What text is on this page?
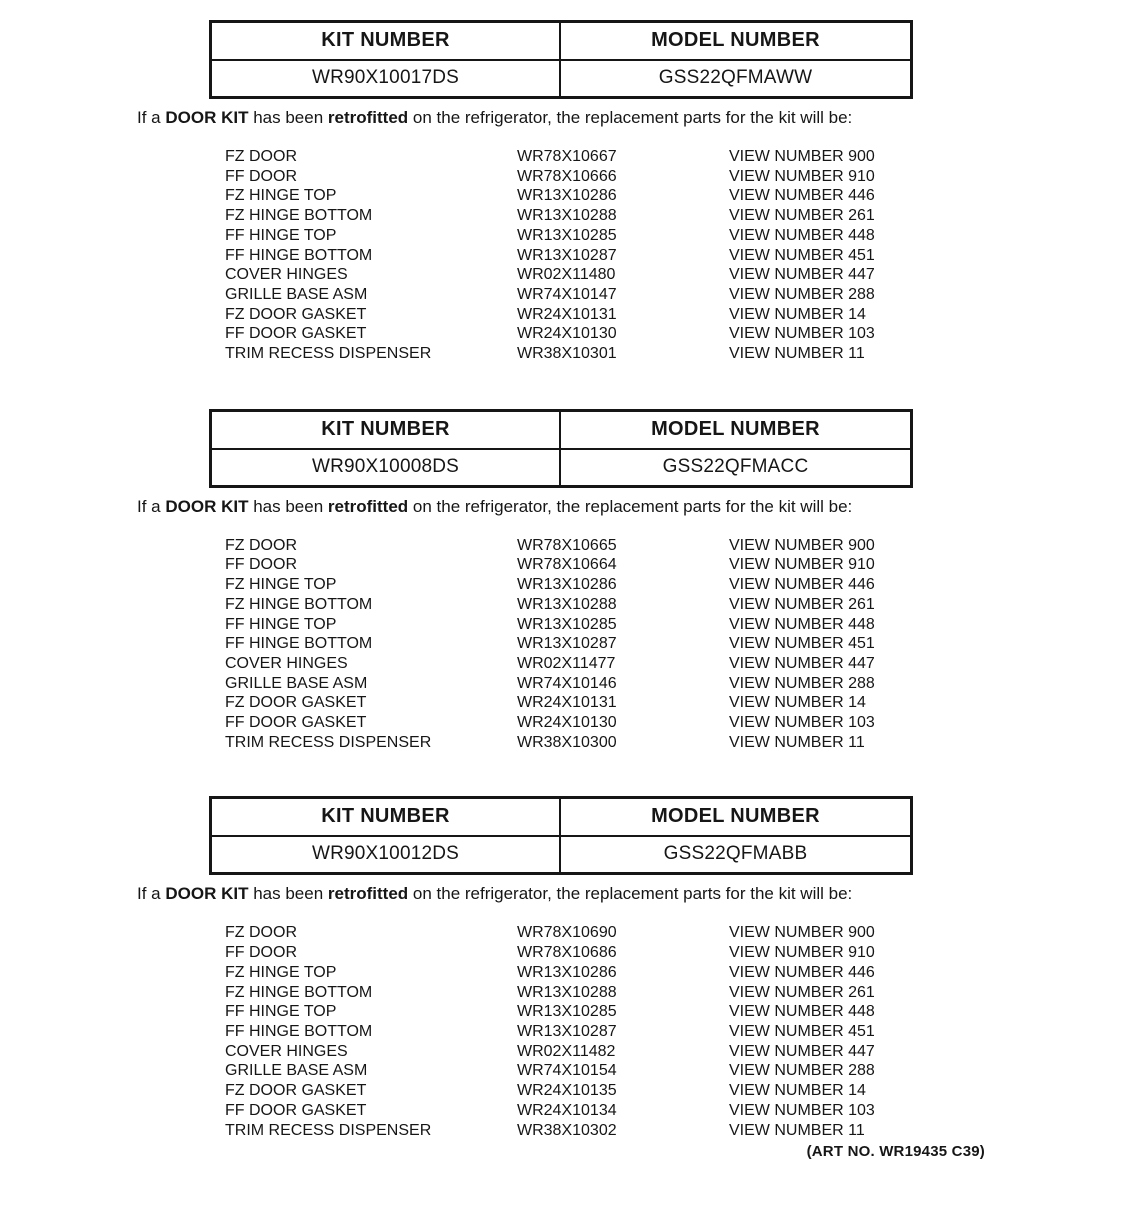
KIT NUMBER	MODEL NUMBER
WR90X10017DS	GSS22QFMAWW

If a DOOR KIT has been retrofitted on the refrigerator, the replacement parts for the kit will be:

FZ DOOR	WR78X10667	VIEW NUMBER 900
FF DOOR	WR78X10666	VIEW NUMBER 910
FZ HINGE TOP	WR13X10286	VIEW NUMBER 446
FZ HINGE BOTTOM	WR13X10288	VIEW NUMBER 261
FF HINGE TOP	WR13X10285	VIEW NUMBER 448
FF HINGE BOTTOM	WR13X10287	VIEW NUMBER 451
COVER HINGES	WR02X11480	VIEW NUMBER 447
GRILLE BASE ASM	WR74X10147	VIEW NUMBER 288
FZ DOOR GASKET	WR24X10131	VIEW NUMBER 14
FF DOOR GASKET	WR24X10130	VIEW NUMBER 103
TRIM RECESS DISPENSER	WR38X10301	VIEW NUMBER 11
KIT NUMBER	MODEL NUMBER
WR90X10008DS	GSS22QFMACC

If a DOOR KIT has been retrofitted on the refrigerator, the replacement parts for the kit will be:

FZ DOOR	WR78X10665	VIEW NUMBER 900
FF DOOR	WR78X10664	VIEW NUMBER 910
FZ HINGE TOP	WR13X10286	VIEW NUMBER 446
FZ HINGE BOTTOM	WR13X10288	VIEW NUMBER 261
FF HINGE TOP	WR13X10285	VIEW NUMBER 448
FF HINGE BOTTOM	WR13X10287	VIEW NUMBER 451
COVER HINGES	WR02X11477	VIEW NUMBER 447
GRILLE BASE ASM	WR74X10146	VIEW NUMBER 288
FZ DOOR GASKET	WR24X10131	VIEW NUMBER 14
FF DOOR GASKET	WR24X10130	VIEW NUMBER 103
TRIM RECESS DISPENSER	WR38X10300	VIEW NUMBER 11
KIT NUMBER	MODEL NUMBER
WR90X10012DS	GSS22QFMABB

If a DOOR KIT has been retrofitted on the refrigerator, the replacement parts for the kit will be:

FZ DOOR	WR78X10690	VIEW NUMBER 900
FF DOOR	WR78X10686	VIEW NUMBER 910
FZ HINGE TOP	WR13X10286	VIEW NUMBER 446
FZ HINGE BOTTOM	WR13X10288	VIEW NUMBER 261
FF HINGE TOP	WR13X10285	VIEW NUMBER 448
FF HINGE BOTTOM	WR13X10287	VIEW NUMBER 451
COVER HINGES	WR02X11482	VIEW NUMBER 447
GRILLE BASE ASM	WR74X10154	VIEW NUMBER 288
FZ DOOR GASKET	WR24X10135	VIEW NUMBER 14
FF DOOR GASKET	WR24X10134	VIEW NUMBER 103
TRIM RECESS DISPENSER	WR38X10302	VIEW NUMBER 11
(ART NO. WR19435 C39)
